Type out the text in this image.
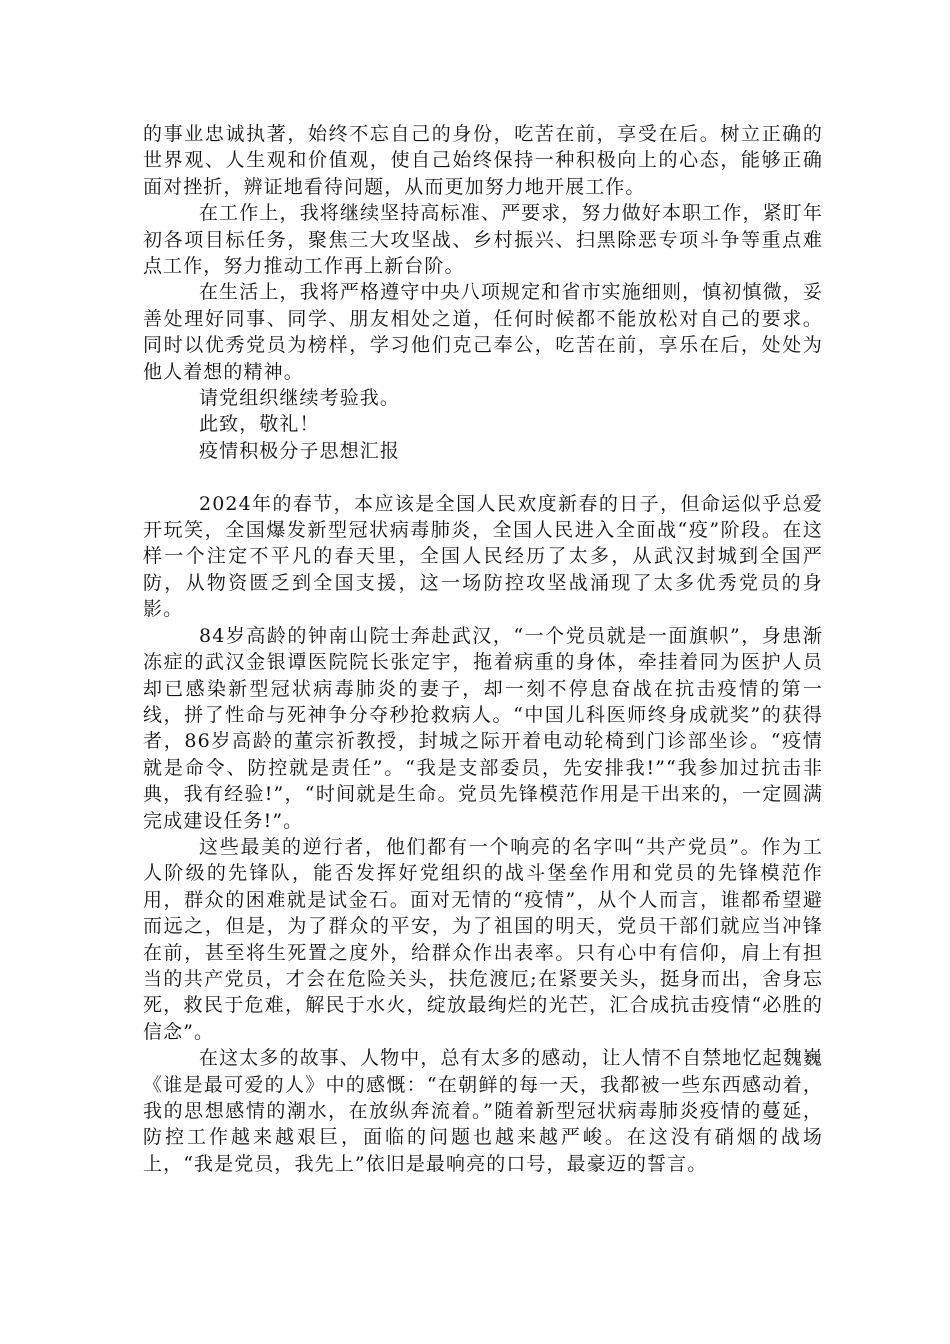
的事业忠诚执著，始终不忘自己的身份，吃苦在前，享受在后。树立正确的世界观、人生观和价值观，使自己始终保持一种积极向上的心态，能够正确面对挫折，辨证地看待问题，从而更加努力地开展工作。

在工作上，我将继续坚持高标准、严要求，努力做好本职工作，紧盯年初各项目标任务，聚焦三大攻坚战、乡村振兴、扫黑除恶专项斗争等重点难点工作，努力推动工作再上新台阶。

在生活上，我将严格遵守中央八项规定和省市实施细则，慎初慎微，妥善处理好同事、同学、朋友相处之道，任何时候都不能放松对自己的要求。同时以优秀党员为榜样，学习他们克己奉公，吃苦在前，享乐在后，处处为他人着想的精神。

请党组织继续考验我。

此致，敬礼！

疫情积极分子思想汇报

2024年的春节，本应该是全国人民欢度新春的日子，但命运似乎总爱开玩笑，全国爆发新型冠状病毒肺炎，全国人民进入全面战“疫”阶段。在这样一个注定不平凡的春天里，全国人民经历了太多，从武汉封城到全国严防，从物资匮乏到全国支援，这一场防控攻坚战涌现了太多优秀党员的身影。

84岁高龄的钟南山院士奔赴武汉，“一个党员就是一面旗帜”，身患渐冻症的武汉金银谭医院院长张定宇，拖着病重的身体，牵挂着同为医护人员却已感染新型冠状病毒肺炎的妻子，却一刻不停息奋战在抗击疫情的第一线，拼了性命与死神争分夺秒抢救病人。“中国儿科医师终身成就奖”的获得者，86岁高龄的董宗祈教授，封城之际开着电动轮椅到门诊部坐诊。“疫情就是命令、防控就是责任”。“我是支部委员，先安排我!”“我参加过抗击非典，我有经验!”，“时间就是生命。党员先锋模范作用是干出来的，一定圆满完成建设任务!”。

这些最美的逆行者，他们都有一个响亮的名字叫“共产党员”。作为工人阶级的先锋队，能否发挥好党组织的战斗堡垒作用和党员的先锋模范作用，群众的困难就是试金石。面对无情的“疫情”，从个人而言，谁都希望避而远之，但是，为了群众的平安，为了祖国的明天，党员干部们就应当冲锋在前，甚至将生死置之度外，给群众作出表率。只有心中有信仰，肩上有担当的共产党员，才会在危险关头，扶危渡厄;在紧要关头，挺身而出，舍身忘死，救民于危难，解民于水火，绽放最绚烂的光芒，汇合成抗击疫情“必胜的信念”。

在这太多的故事、人物中，总有太多的感动，让人情不自禁地忆起魏巍《谁是最可爱的人》中的感慨：“在朝鲜的每一天，我都被一些东西感动着，我的思想感情的潮水，在放纵奔流着。”随着新型冠状病毒肺炎疫情的蔓延，防控工作越来越艰巨，面临的问题也越来越严峻。在这没有硝烟的战场上，“我是党员，我先上”依旧是最响亮的口号，最豪迈的誓言。
